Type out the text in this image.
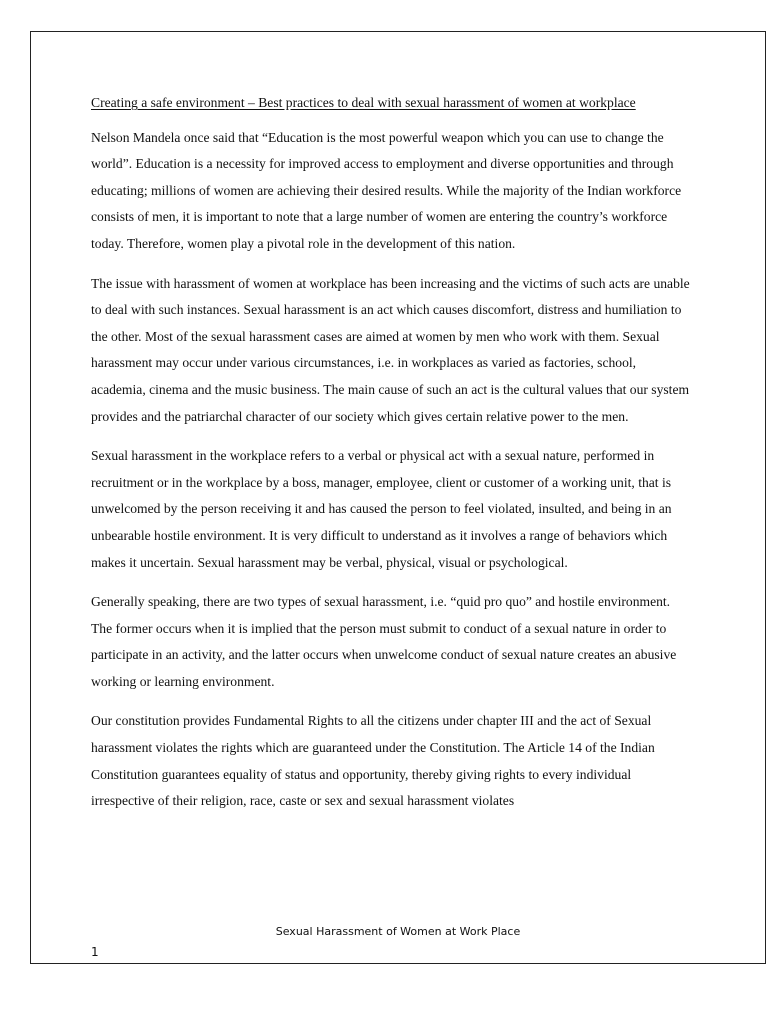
Creating a safe environment – Best practices to deal with sexual harassment of women at workplace

Nelson Mandela once said that “Education is the most powerful weapon which you can use to change the world”. Education is a necessity for improved access to employment and diverse opportunities and through educating; millions of women are achieving their desired results. While the majority of the Indian workforce consists of men, it is important to note that a large number of women are entering the country’s workforce today. Therefore, women play a pivotal role in the development of this nation.

The issue with harassment of women at workplace has been increasing and the victims of such acts are unable to deal with such instances. Sexual harassment is an act which causes discomfort, distress and humiliation to the other. Most of the sexual harassment cases are aimed at women by men who work with them. Sexual harassment may occur under various circumstances, i.e. in workplaces as varied as factories, school, academia, cinema and the music business. The main cause of such an act is the cultural values that our system provides and the patriarchal character of our society which gives certain relative power to the men.

Sexual harassment in the workplace refers to a verbal or physical act with a sexual nature, performed in recruitment or in the workplace by a boss, manager, employee, client or customer of a working unit, that is unwelcomed by the person receiving it and has caused the person to feel violated, insulted, and being in an unbearable hostile environment. It is very difficult to understand as it involves a range of behaviors which makes it uncertain. Sexual harassment may be verbal, physical, visual or psychological.

Generally speaking, there are two types of sexual harassment, i.e. “quid pro quo” and hostile environment. The former occurs when it is implied that the person must submit to conduct of a sexual nature in order to participate in an activity, and the latter occurs when unwelcome conduct of sexual nature creates an abusive working or learning environment.

Our constitution provides Fundamental Rights to all the citizens under chapter III and the act of Sexual harassment violates the rights which are guaranteed under the Constitution. The Article 14 of the Indian Constitution guarantees equality of status and opportunity, thereby giving rights to every individual irrespective of their religion, race, caste or sex and sexual harassment violates

Sexual Harassment of Women at Work Place
1
